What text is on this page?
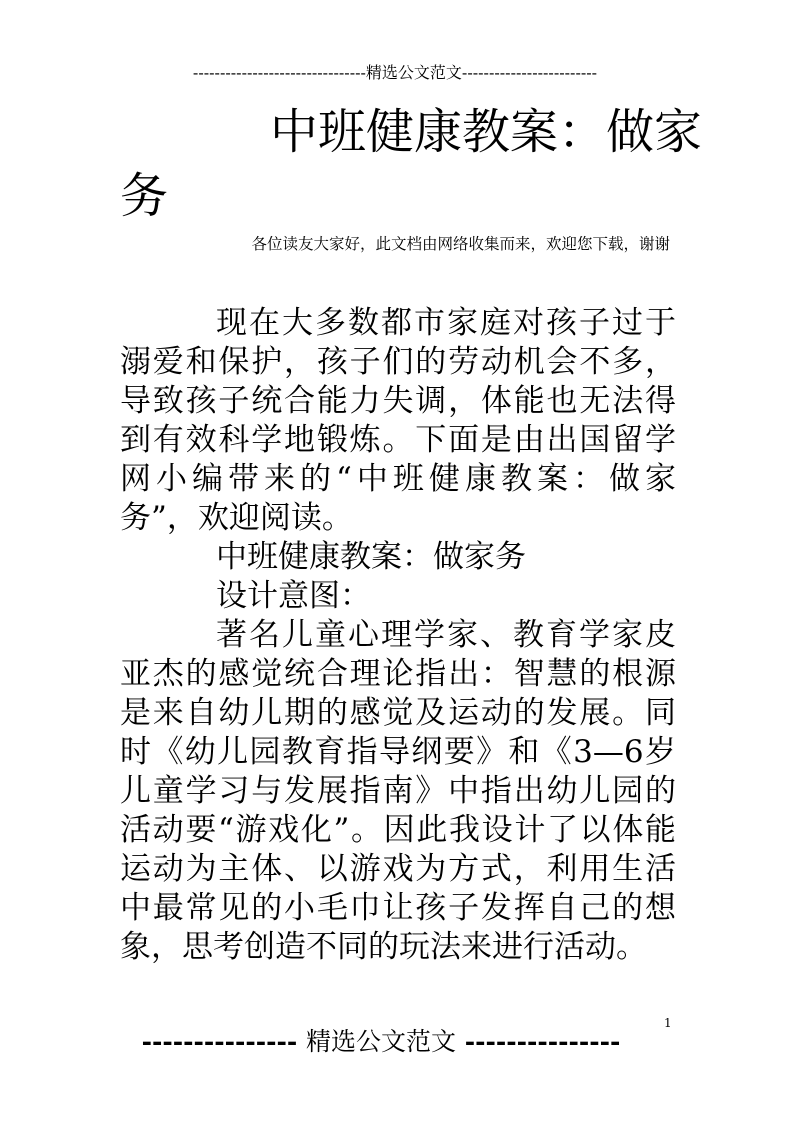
--------------------------------精选公文范文-------------------------
中班健康教案：做家
务
各位读友大家好，此文档由网络收集而来，欢迎您下载，谢谢

现在大多数都市家庭对孩子过于溺爱和保护，孩子们的劳动机会不多，导致孩子统合能力失调，体能也无法得到有效科学地锻炼。下面是由出国留学网小编带来的“中班健康教案：做家务”，欢迎阅读。

中班健康教案：做家务

设计意图：

著名儿童心理学家、教育学家皮亚杰的感觉统合理论指出：智慧的根源是来自幼儿期的感觉及运动的发展。同时《幼儿园教育指导纲要》和《3—6岁儿童学习与发展指南》中指出幼儿园的活动要“游戏化”。因此我设计了以体能运动为主体、以游戏为方式，利用生活中最常见的小毛巾让孩子发挥自己的想象，思考创造不同的玩法来进行活动。

--------------- 精选公文范文 ---------------
1
